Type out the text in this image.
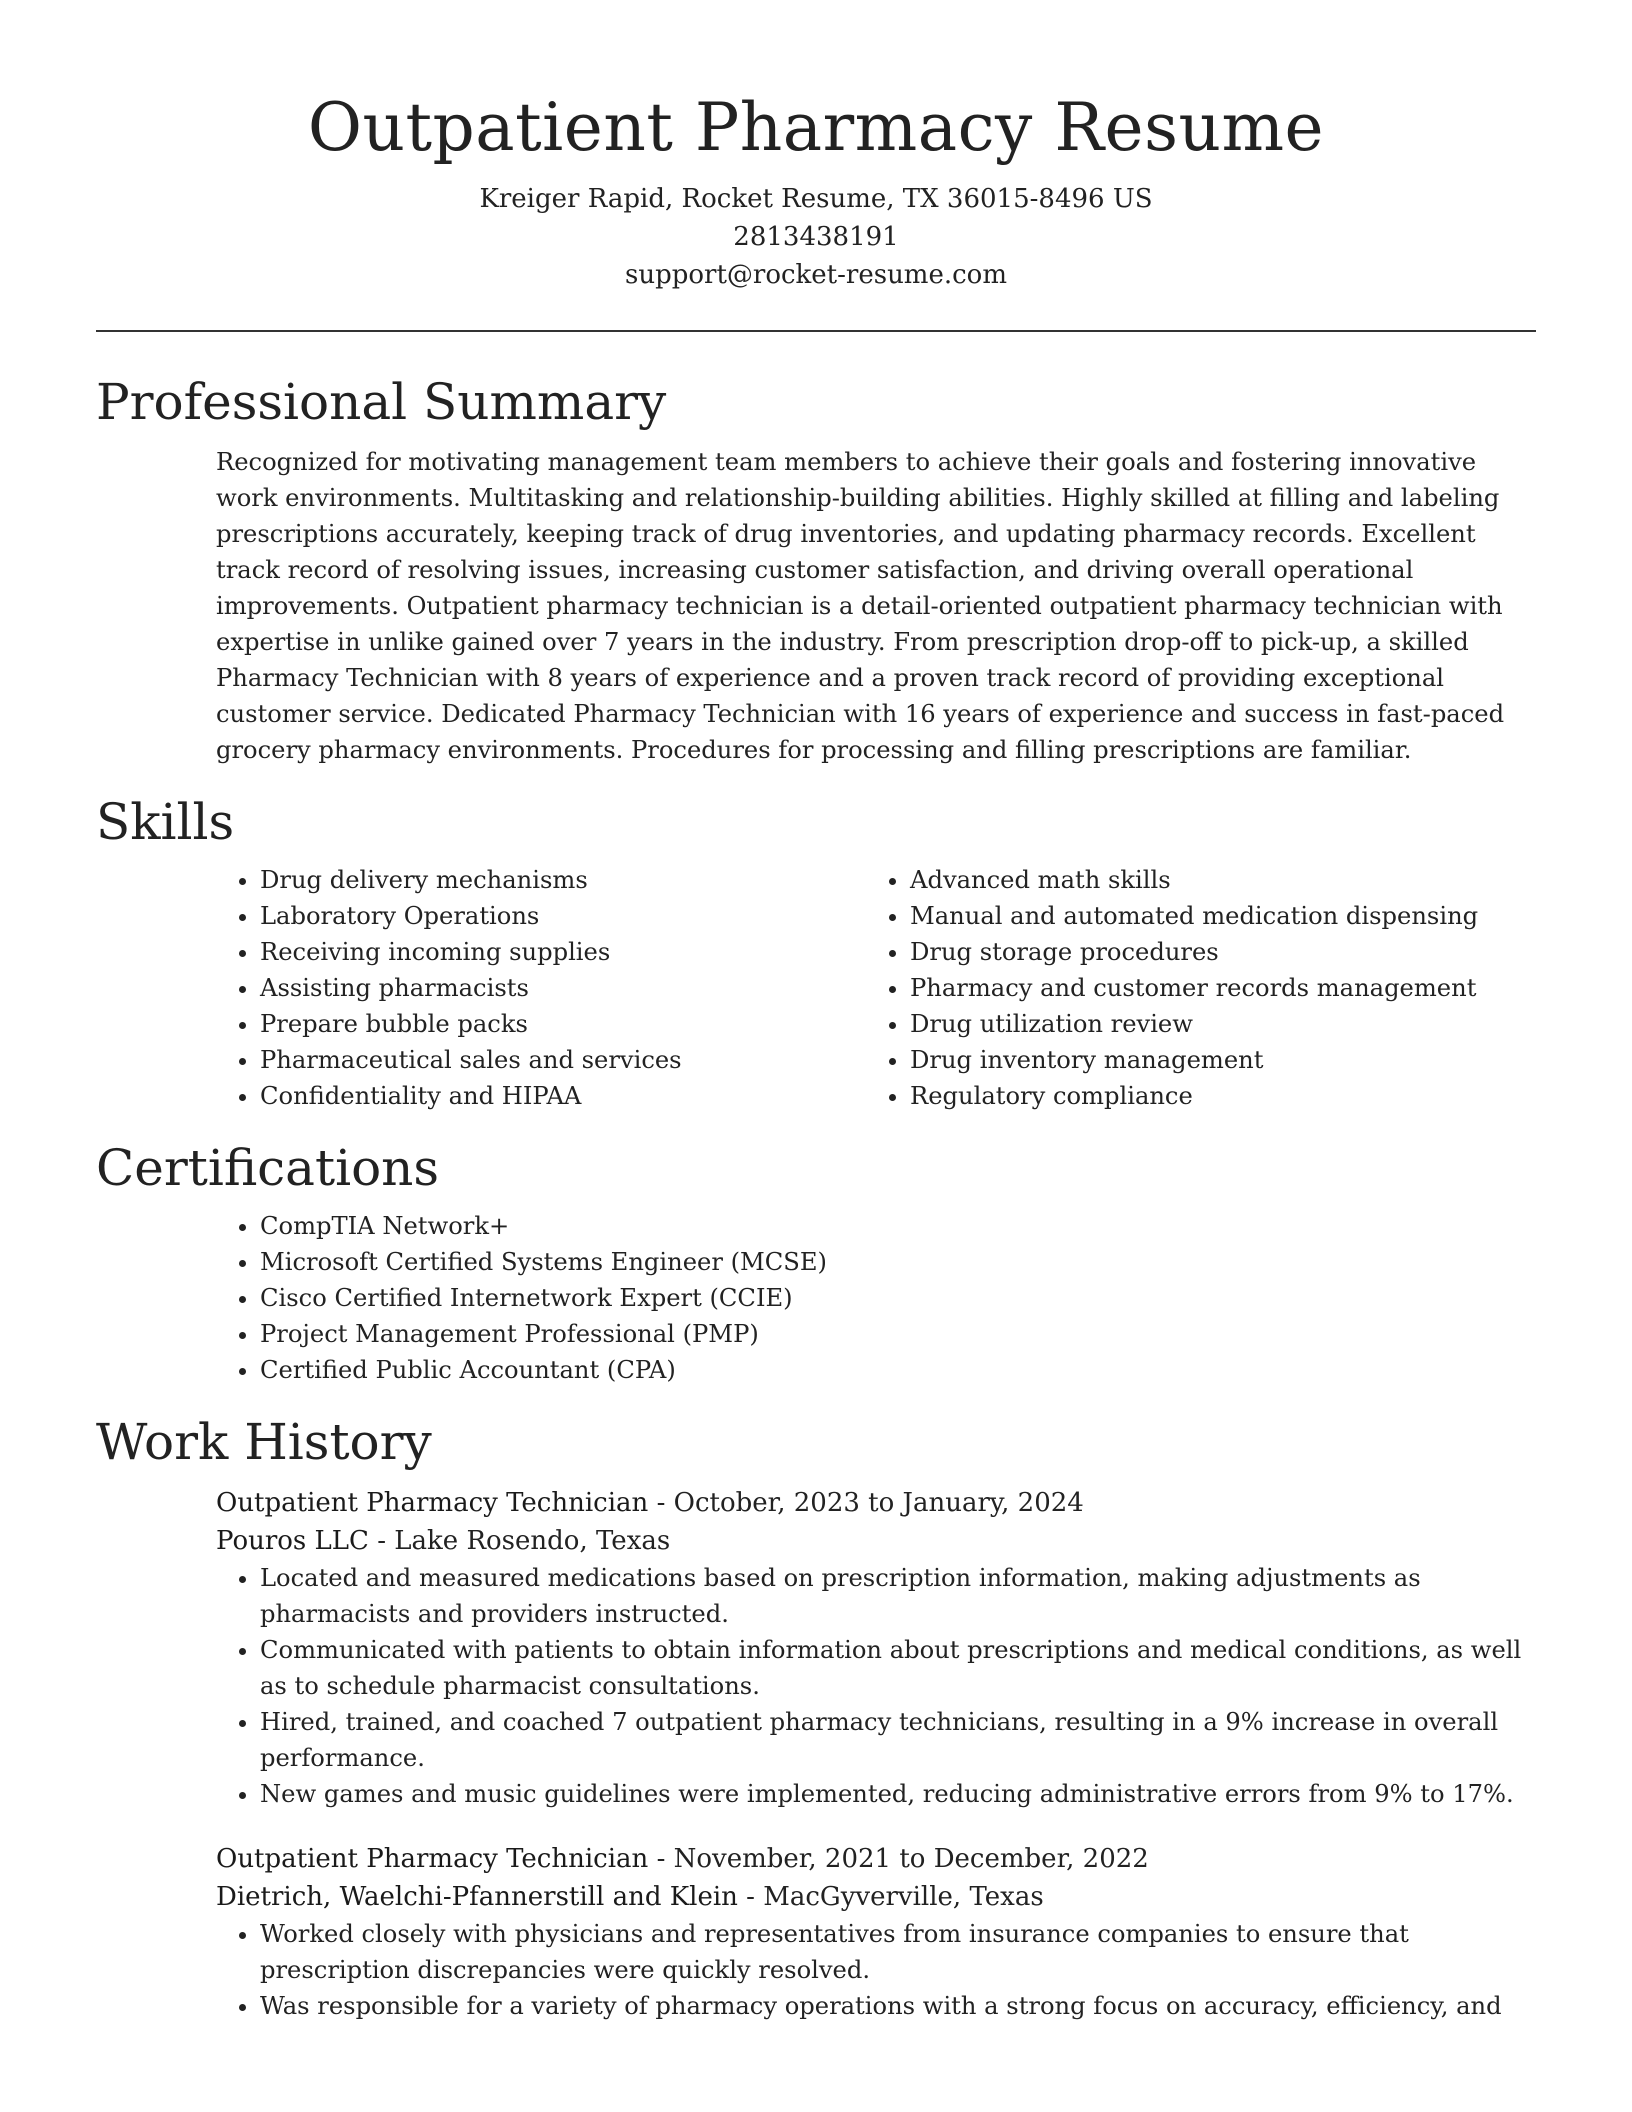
Outpatient Pharmacy Resume
Kreiger Rapid, Rocket Resume, TX 36015-8496 US
2813438191
support@rocket-resume.com
Professional Summary

Recognized for motivating management team members to achieve their goals and fostering innovative work environments. Multitasking and relationship-building abilities. Highly skilled at filling and labeling prescriptions accurately, keeping track of drug inventories, and updating pharmacy records. Excellent track record of resolving issues, increasing customer satisfaction, and driving overall operational improvements. Outpatient pharmacy technician is a detail-oriented outpatient pharmacy technician with expertise in unlike gained over 7 years in the industry. From prescription drop-off to pick-up, a skilled Pharmacy Technician with 8 years of experience and a proven track record of providing exceptional customer service. Dedicated Pharmacy Technician with 16 years of experience and success in fast-paced grocery pharmacy environments. Procedures for processing and filling prescriptions are familiar.

Skills
• Drug delivery mechanisms
• Laboratory Operations
• Receiving incoming supplies
• Assisting pharmacists
• Prepare bubble packs
• Pharmaceutical sales and services
• Confidentiality and HIPAA
• Advanced math skills
• Manual and automated medication dispensing
• Drug storage procedures
• Pharmacy and customer records management
• Drug utilization review
• Drug inventory management
• Regulatory compliance
Certifications
• CompTIA Network+
• Microsoft Certified Systems Engineer (MCSE)
• Cisco Certified Internetwork Expert (CCIE)
• Project Management Professional (PMP)
• Certified Public Accountant (CPA)
Work History
Outpatient Pharmacy Technician - October, 2023 to January, 2024
Pouros LLC - Lake Rosendo, Texas
• Located and measured medications based on prescription information, making adjustments as pharmacists and providers instructed.
• Communicated with patients to obtain information about prescriptions and medical conditions, as well as to schedule pharmacist consultations.
• Hired, trained, and coached 7 outpatient pharmacy technicians, resulting in a 9% increase in overall performance.
• New games and music guidelines were implemented, reducing administrative errors from 9% to 17%.
Outpatient Pharmacy Technician - November, 2021 to December, 2022
Dietrich, Waelchi-Pfannerstill and Klein - MacGyverville, Texas
• Worked closely with physicians and representatives from insurance companies to ensure that prescription discrepancies were quickly resolved.
• Was responsible for a variety of pharmacy operations with a strong focus on accuracy, efficiency, and
